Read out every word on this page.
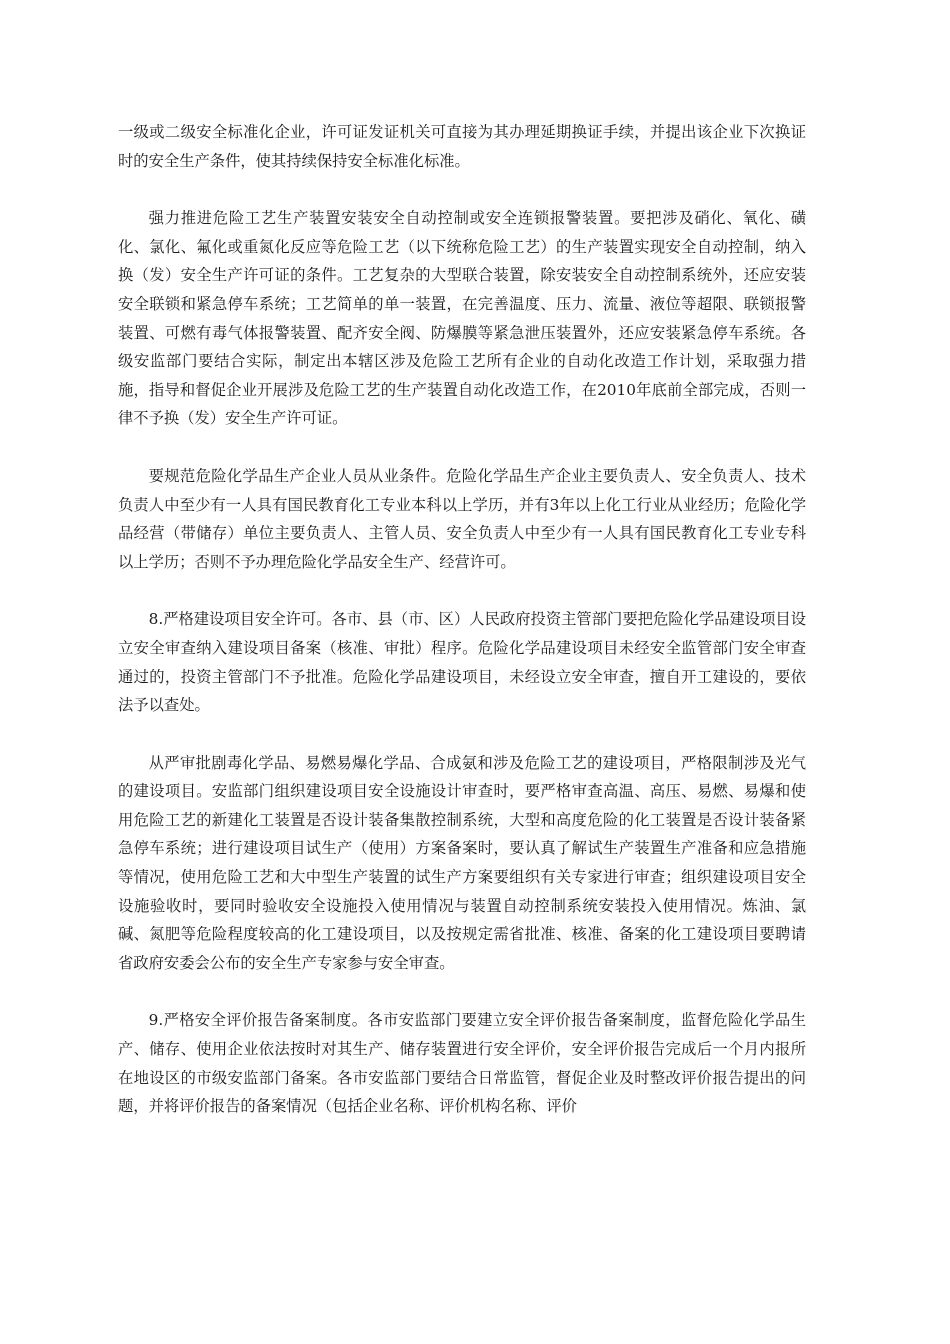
一级或二级安全标准化企业，许可证发证机关可直接为其办理延期换证手续，并提出该企业下次换证时的安全生产条件，使其持续保持安全标准化标准。

强力推进危险工艺生产装置安装安全自动控制或安全连锁报警装置。要把涉及硝化、氧化、磺化、氯化、氟化或重氮化反应等危险工艺（以下统称危险工艺）的生产装置实现安全自动控制，纳入换（发）安全生产许可证的条件。工艺复杂的大型联合装置，除安装安全自动控制系统外，还应安装安全联锁和紧急停车系统；工艺简单的单一装置，在完善温度、压力、流量、液位等超限、联锁报警装置、可燃有毒气体报警装置、配齐安全阀、防爆膜等紧急泄压装置外，还应安装紧急停车系统。各级安监部门要结合实际，制定出本辖区涉及危险工艺所有企业的自动化改造工作计划，采取强力措施，指导和督促企业开展涉及危险工艺的生产装置自动化改造工作，在2010年底前全部完成，否则一律不予换（发）安全生产许可证。

要规范危险化学品生产企业人员从业条件。危险化学品生产企业主要负责人、安全负责人、技术负责人中至少有一人具有国民教育化工专业本科以上学历，并有3年以上化工行业从业经历；危险化学品经营（带储存）单位主要负责人、主管人员、安全负责人中至少有一人具有国民教育化工专业专科以上学历；否则不予办理危险化学品安全生产、经营许可。

8.严格建设项目安全许可。各市、县（市、区）人民政府投资主管部门要把危险化学品建设项目设立安全审查纳入建设项目备案（核准、审批）程序。危险化学品建设项目未经安全监管部门安全审查通过的，投资主管部门不予批准。危险化学品建设项目，未经设立安全审查，擅自开工建设的，要依法予以查处。

从严审批剧毒化学品、易燃易爆化学品、合成氨和涉及危险工艺的建设项目，严格限制涉及光气的建设项目。安监部门组织建设项目安全设施设计审查时，要严格审查高温、高压、易燃、易爆和使用危险工艺的新建化工装置是否设计装备集散控制系统，大型和高度危险的化工装置是否设计装备紧急停车系统；进行建设项目试生产（使用）方案备案时，要认真了解试生产装置生产准备和应急措施等情况，使用危险工艺和大中型生产装置的试生产方案要组织有关专家进行审查；组织建设项目安全设施验收时，要同时验收安全设施投入使用情况与装置自动控制系统安装投入使用情况。炼油、氯碱、氮肥等危险程度较高的化工建设项目，以及按规定需省批准、核准、备案的化工建设项目要聘请省政府安委会公布的安全生产专家参与安全审查。

9.严格安全评价报告备案制度。各市安监部门要建立安全评价报告备案制度，监督危险化学品生产、储存、使用企业依法按时对其生产、储存装置进行安全评价，安全评价报告完成后一个月内报所在地设区的市级安监部门备案。各市安监部门要结合日常监管，督促企业及时整改评价报告提出的问题，并将评价报告的备案情况（包括企业名称、评价机构名称、评价
